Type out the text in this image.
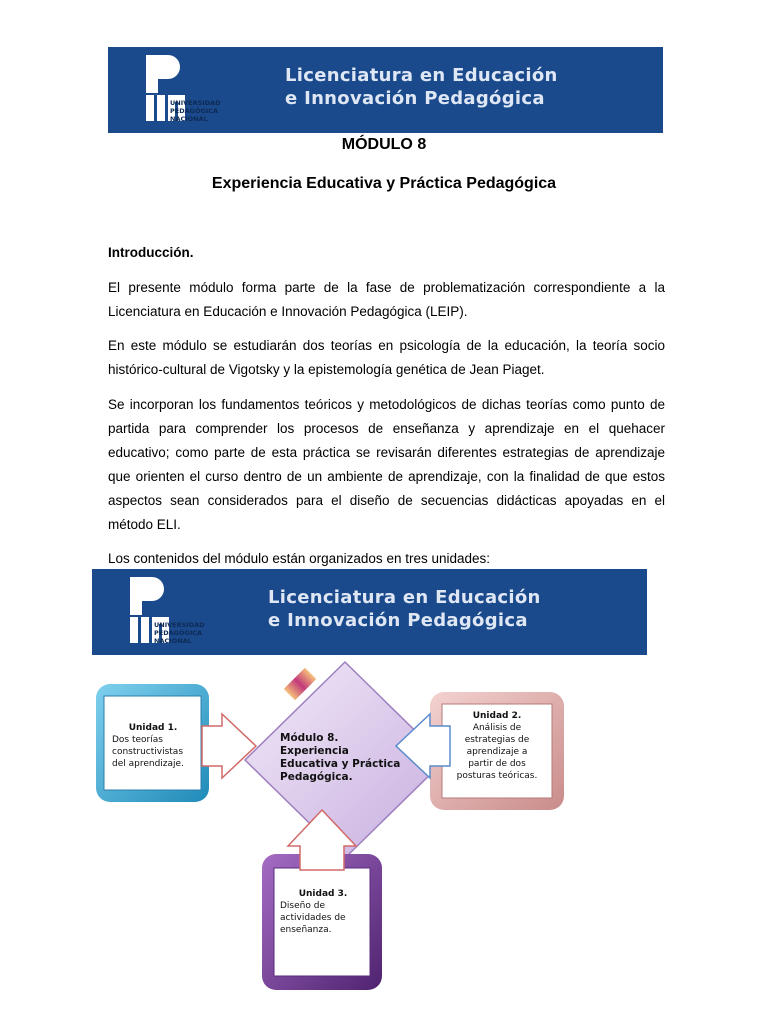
UNIVERSIDAD
PEDAGÓGICA
NACIONAL
Licenciatura en Educación
e Innovación Pedagógica
MÓDULO 8
Experiencia Educativa y Práctica Pedagógica
Introducción.
El presente módulo forma parte de la fase de problematización correspondiente a la Licenciatura en Educación e Innovación Pedagógica (LEIP).
En este módulo se estudiarán dos teorías en psicología de la educación, la teoría socio histórico-cultural de Vigotsky y la epistemología genética de Jean Piaget.
Se incorporan los fundamentos teóricos y metodológicos de dichas teorías como punto de partida para comprender los procesos de enseñanza y aprendizaje en el quehacer educativo; como parte de esta práctica se revisarán diferentes estrategias de aprendizaje que orienten el curso dentro de un ambiente de aprendizaje, con la finalidad de que estos aspectos sean considerados para el diseño de secuencias didácticas apoyadas en el método ELI.
Los contenidos del módulo están organizados en tres unidades:
UNIVERSIDAD
PEDAGÓGICA
NACIONAL
Licenciatura en Educación
e Innovación Pedagógica
Módulo 8.
Experiencia
Educativa y Práctica
Pedagógica.
Unidad 1.
Dos teorías
constructivistas
del aprendizaje.
Unidad 2.
Análisis de
estrategias de
aprendizaje a
partir de dos
posturas teóricas.
Unidad 3.
Diseño de
actividades de
enseñanza.
